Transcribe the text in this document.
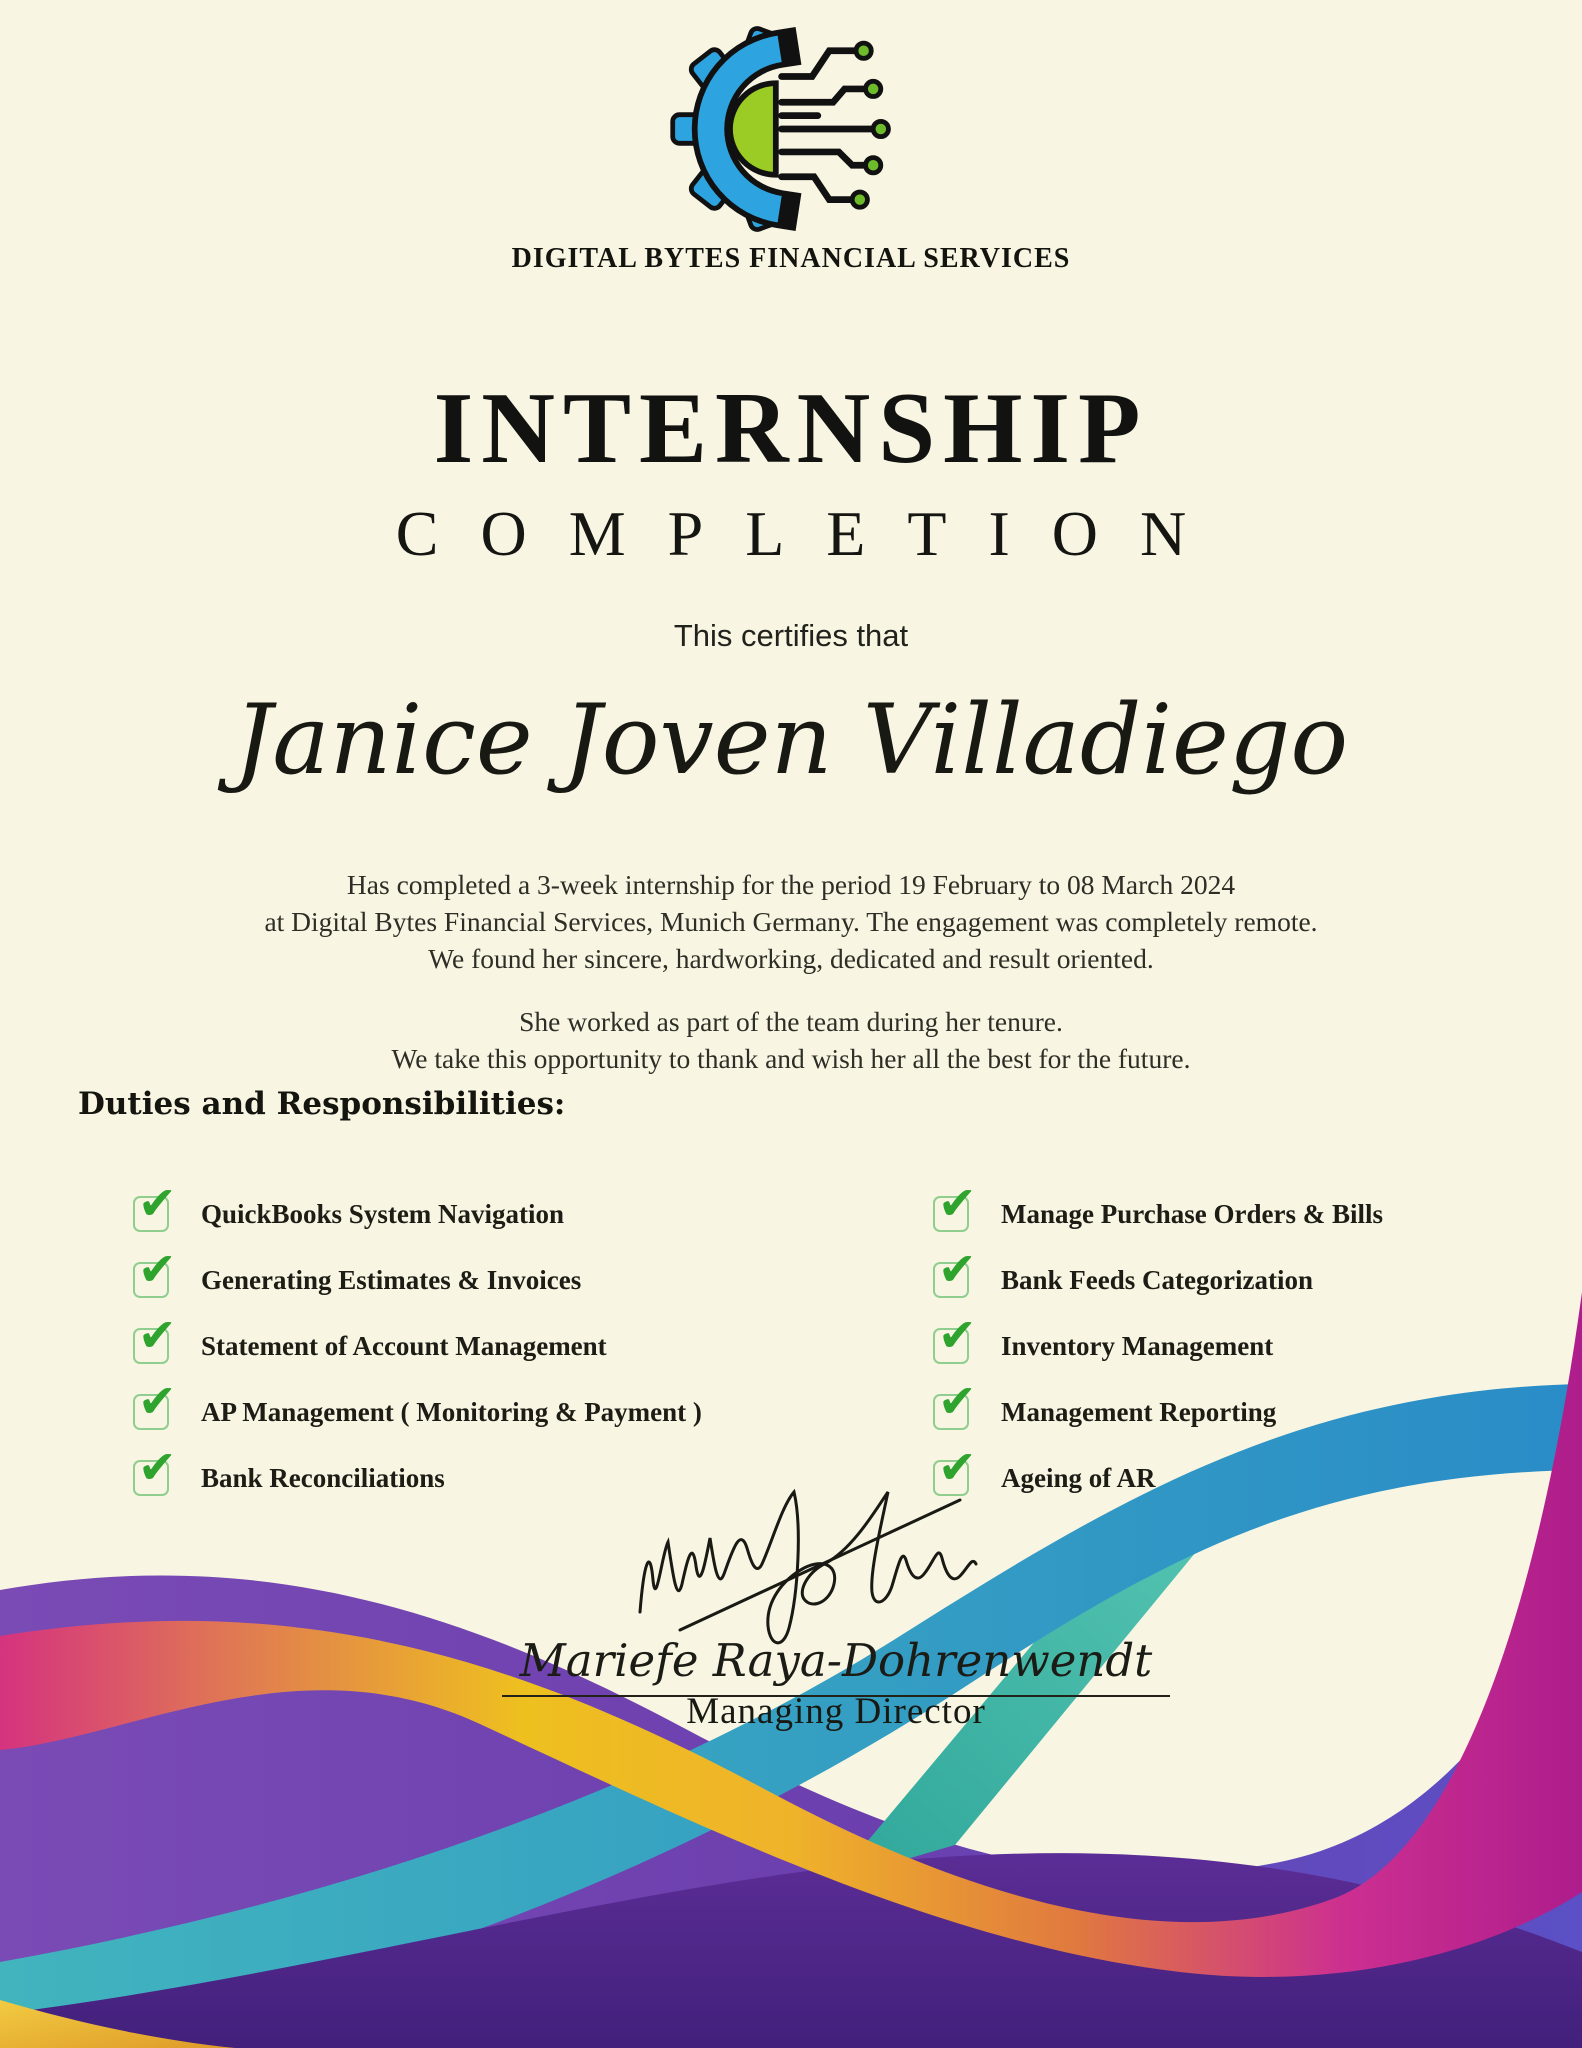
DIGITAL BYTES FINANCIAL SERVICES
INTERNSHIP
COMPLETION
This certifies that
Janice Joven Villadiego
Has completed a 3-week internship for the period 19 February to 08 March 2024
at Digital Bytes Financial Services, Munich Germany. The engagement was completely remote.
We found her sincere, hardworking, dedicated and result oriented.
She worked as part of the team during her tenure.
We take this opportunity to thank and wish her all the best for the future.
Duties and Responsibilities:
✔ QuickBooks System Navigation
✔ Generating Estimates & Invoices
✔ Statement of Account Management
✔ AP Management ( Monitoring & Payment )
✔ Bank Reconciliations
✔ Manage Purchase Orders & Bills
✔ Bank Feeds Categorization
✔ Inventory Management
✔ Management Reporting
✔ Ageing of AR
Mariefe Raya-Dohrenwendt
Managing Director
